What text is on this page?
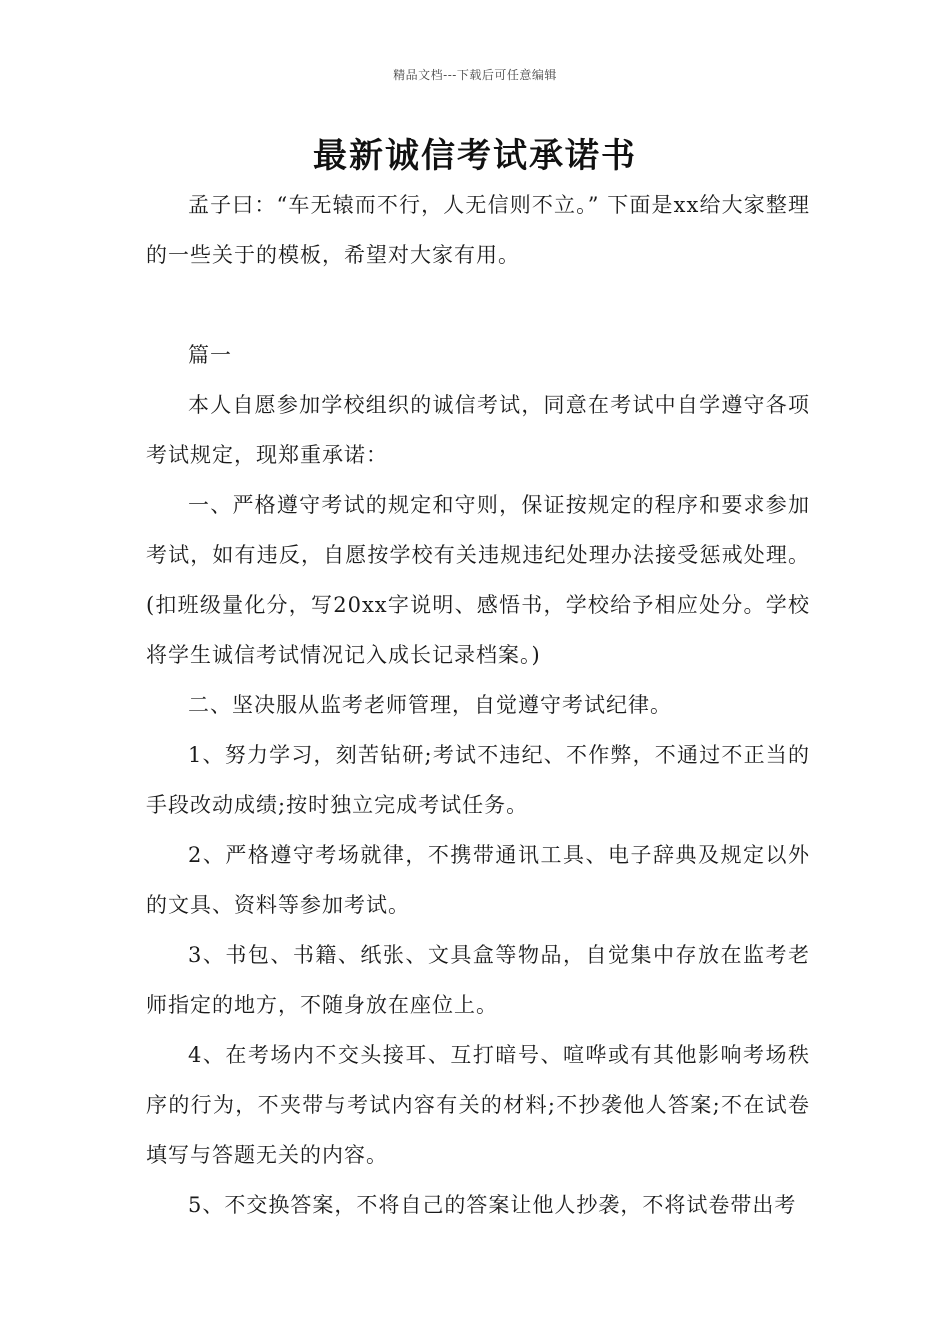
精品文档---下载后可任意编辑
最新诚信考试承诺书

孟子曰：“车无辕而不行，人无信则不立。” 下面是xx给大家整理的一些关于的模板，希望对大家有用。

篇一

本人自愿参加学校组织的诚信考试，同意在考试中自学遵守各项考试规定，现郑重承诺：

一、严格遵守考试的规定和守则，保证按规定的程序和要求参加考试，如有违反，自愿按学校有关违规违纪处理办法接受惩戒处理。(扣班级量化分，写20xx字说明、感悟书，学校给予相应处分。学校将学生诚信考试情况记入成长记录档案。)

二、坚决服从监考老师管理，自觉遵守考试纪律。

1、努力学习，刻苦钻研;考试不违纪、不作弊，不通过不正当的手段改动成绩;按时独立完成考试任务。

2、严格遵守考场就律，不携带通讯工具、电子辞典及规定以外的文具、资料等参加考试。

3、书包、书籍、纸张、文具盒等物品，自觉集中存放在监考老师指定的地方，不随身放在座位上。

4、在考场内不交头接耳、互打暗号、喧哗或有其他影响考场秩序的行为，不夹带与考试内容有关的材料;不抄袭他人答案;不在试卷填写与答题无关的内容。

5、不交换答案，不将自己的答案让他人抄袭，不将试卷带出考
